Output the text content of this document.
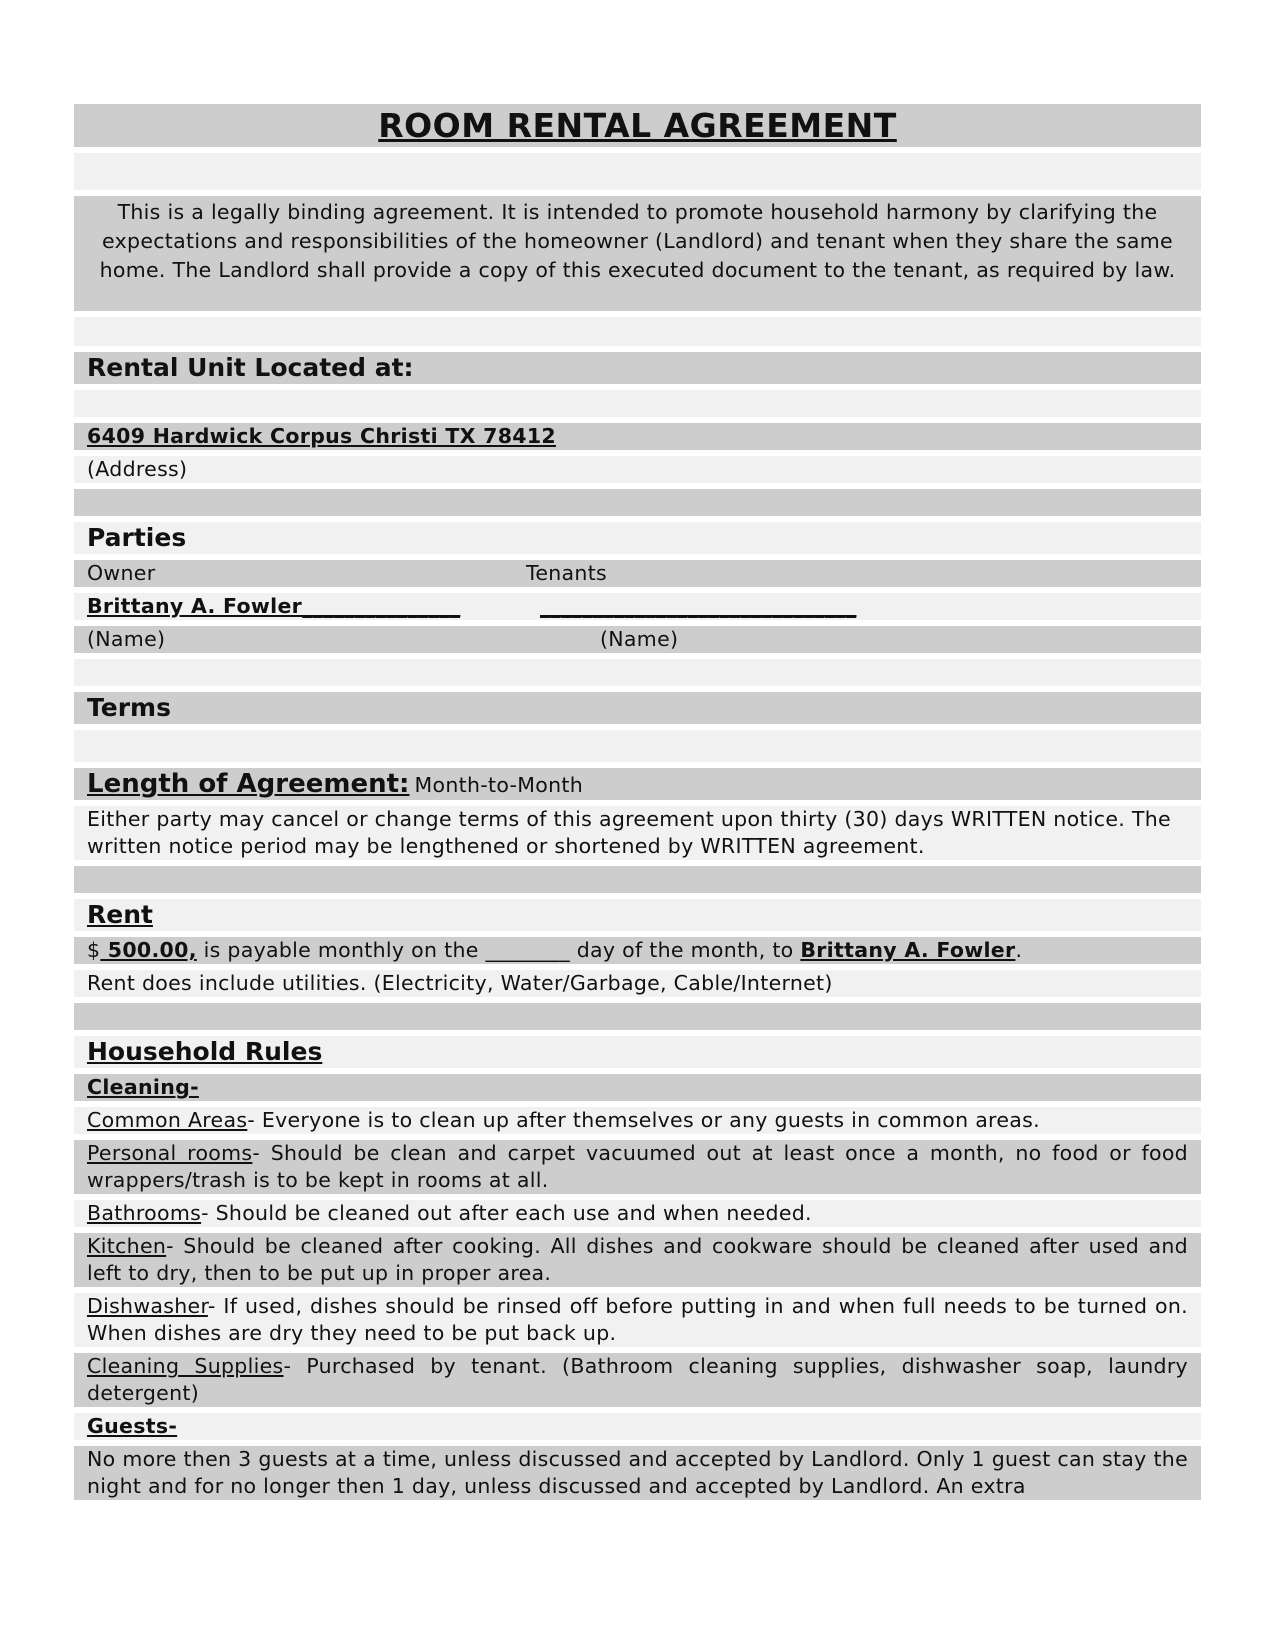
ROOM RENTAL AGREEMENT
This is a legally binding agreement. It is intended to promote household harmony by clarifying the expectations and responsibilities of the homeowner (Landlord) and tenant when they share the same home. The Landlord shall provide a copy of this executed document to the tenant, as required by law.
Rental Unit Located at:
6409 Hardwick Corpus Christi TX 78412
(Address)
Parties
Owner	Tenants
Brittany A. Fowler_______________	______________________________
(Name)	(Name)
Terms
Length of Agreement: Month-to-Month
Either party may cancel or change terms of this agreement upon thirty (30) days WRITTEN notice. The written notice period may be lengthened or shortened by WRITTEN agreement.
Rent
$ 500.00, is payable monthly on the ________ day of the month, to Brittany A. Fowler.
Rent does include utilities. (Electricity, Water/Garbage, Cable/Internet)
Household Rules
Cleaning-
Common Areas- Everyone is to clean up after themselves or any guests in common areas.
Personal rooms- Should be clean and carpet vacuumed out at least once a month, no food or food wrappers/trash is to be kept in rooms at all.
Bathrooms- Should be cleaned out after each use and when needed.
Kitchen- Should be cleaned after cooking. All dishes and cookware should be cleaned after used and left to dry, then to be put up in proper area.
Dishwasher- If used, dishes should be rinsed off before putting in and when full needs to be turned on. When dishes are dry they need to be put back up.
Cleaning Supplies- Purchased by tenant. (Bathroom cleaning supplies, dishwasher soap, laundry detergent)
Guests-
No more then 3 guests at a time, unless discussed and accepted by Landlord. Only 1 guest can stay the night and for no longer then 1 day, unless discussed and accepted by Landlord. An extra
